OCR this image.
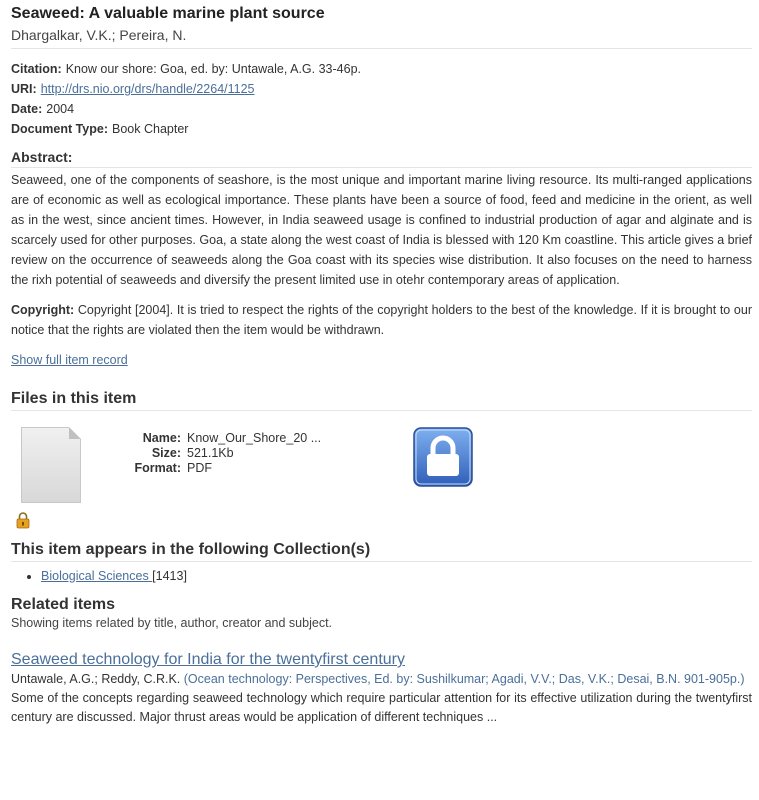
Seaweed: A valuable marine plant source
Dhargalkar, V.K.; Pereira, N.
Citation: Know our shore: Goa, ed. by: Untawale, A.G. 33-46p.
URI: http://drs.nio.org/drs/handle/2264/1125
Date: 2004
Document Type: Book Chapter
Abstract:
Seaweed, one of the components of seashore, is the most unique and important marine living resource. Its multi-ranged applications are of economic as well as ecological importance. These plants have been a source of food, feed and medicine in the orient, as well as in the west, since ancient times. However, in India seaweed usage is confined to industrial production of agar and alginate and is scarcely used for other purposes. Goa, a state along the west coast of India is blessed with 120 Km coastline. This article gives a brief review on the occurrence of seaweeds along the Goa coast with its species wise distribution. It also focuses on the need to harness the rixh potential of seaweeds and diversify the present limited use in otehr contemporary areas of application.
Copyright: Copyright [2004]. It is tried to respect the rights of the copyright holders to the best of the knowledge. If it is brought to our notice that the rights are violated then the item would be withdrawn.
Show full item record
Files in this item
Name: Know_Our_Shore_20 ...
Size: 521.1Kb
Format: PDF
This item appears in the following Collection(s)
• Biological Sciences [1413]
Related items
Showing items related by title, author, creator and subject.
Seaweed technology for India for the twentyfirst century
Untawale, A.G.; Reddy, C.R.K. (Ocean technology: Perspectives, Ed. by: Sushilkumar; Agadi, V.V.; Das, V.K.; Desai, B.N. 901-905p.)
Some of the concepts regarding seaweed technology which require particular attention for its effective utilization during the twentyfirst century are discussed. Major thrust areas would be application of different techniques ...
